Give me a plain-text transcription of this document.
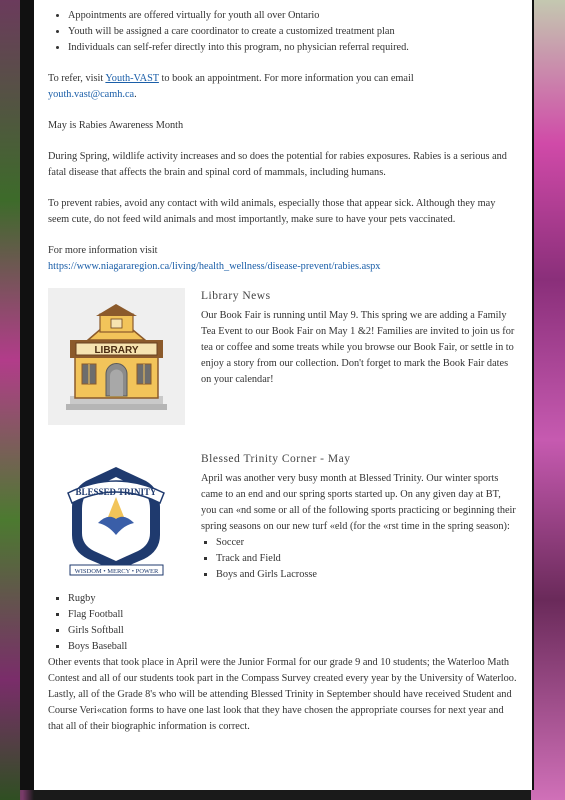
• Appointments are offered virtually for youth all over Ontario
• Youth will be assigned a care coordinator to create a customized treatment plan
• Individuals can self-refer directly into this program, no physician referral required.

To refer, visit Youth-VAST to book an appointment. For more information you can email
youth.vast@camh.ca.

May is Rabies Awareness Month

During Spring, wildlife activity increases and so does the potential for rabies exposures. Rabies is a serious and fatal disease that affects the brain and spinal cord of mammals, including humans.

To prevent rabies, avoid any contact with wild animals, especially those that appear sick. Although they may seem cute, do not feed wild animals and most importantly, make sure to have your pets vaccinated.

For more information visit

https://www.niagararegion.ca/living/health_wellness/disease-prevent/rabies.aspx

LIBRARY
Library News

Our Book Fair is running until May 9. This spring we are adding a Family Tea Event to our Book Fair on May 1 &2! Families are invited to join us for tea or coffee and some treats while you browse our Book Fair, or settle in to enjoy a story from our collection. Don't forget to mark the Book Fair dates on your calendar!

BLESSED TRINITY
WISDOM • MERCY • POWER
Blessed Trinity Corner - May

April was another very busy month at Blessed Trinity. Our winter sports came to an end and our spring sports started up. On any given day at BT, you can «nd some or all of the following sports practicing or beginning their spring seasons on our new turf «eld (for the «rst time in the spring season):

▪ Soccer
▪ Track and Field
▪ Boys and Girls Lacrosse
▪ Rugby
▪ Flag Football
▪ Girls Softball
▪ Boys Baseball

Other events that took place in April were the Junior Formal for our grade 9 and 10 students; the Waterloo Math Contest and all of our students took part in the Compass Survey created every year by the University of Waterloo.

Lastly, all of the Grade 8's who will be attending Blessed Trinity in September should have received Student and Course Veri«cation forms to have one last look that they have chosen the appropriate courses for next year and that all of their biographic information is correct.
